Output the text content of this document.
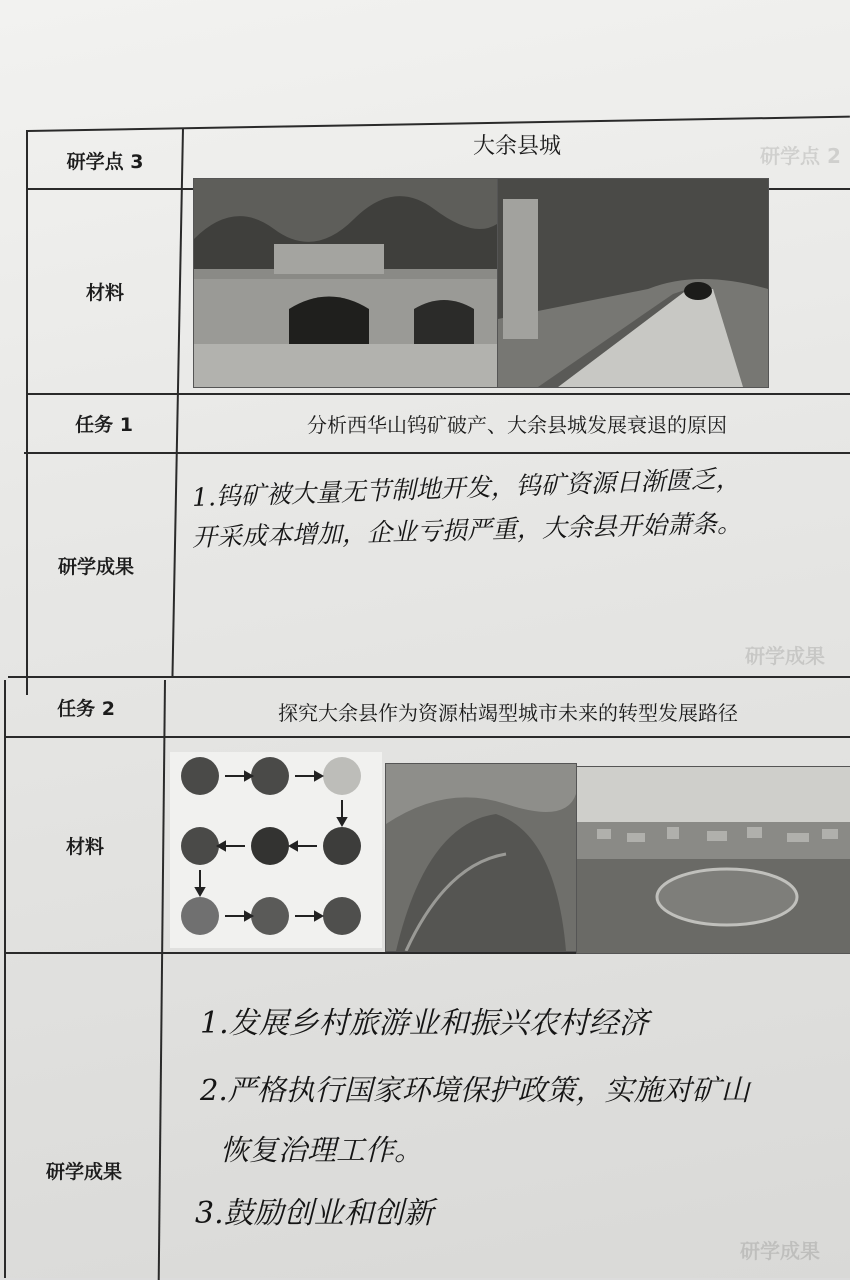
研学点 2
研学成果
研学成果
研学点 3
大余县城
材料
任务 1	分析西华山钨矿破产、大余县城发展衰退的原因
研学成果
1.钨矿被大量无节制地开发，钨矿资源日渐匮乏，
开采成本增加，企业亏损严重，大余县开始萧条。
任务 2	探究大余县作为资源枯竭型城市未来的转型发展路径
材料
研学成果
1.发展乡村旅游业和振兴农村经济
2.严格执行国家环境保护政策，实施对矿山
恢复治理工作。
3.鼓励创业和创新
